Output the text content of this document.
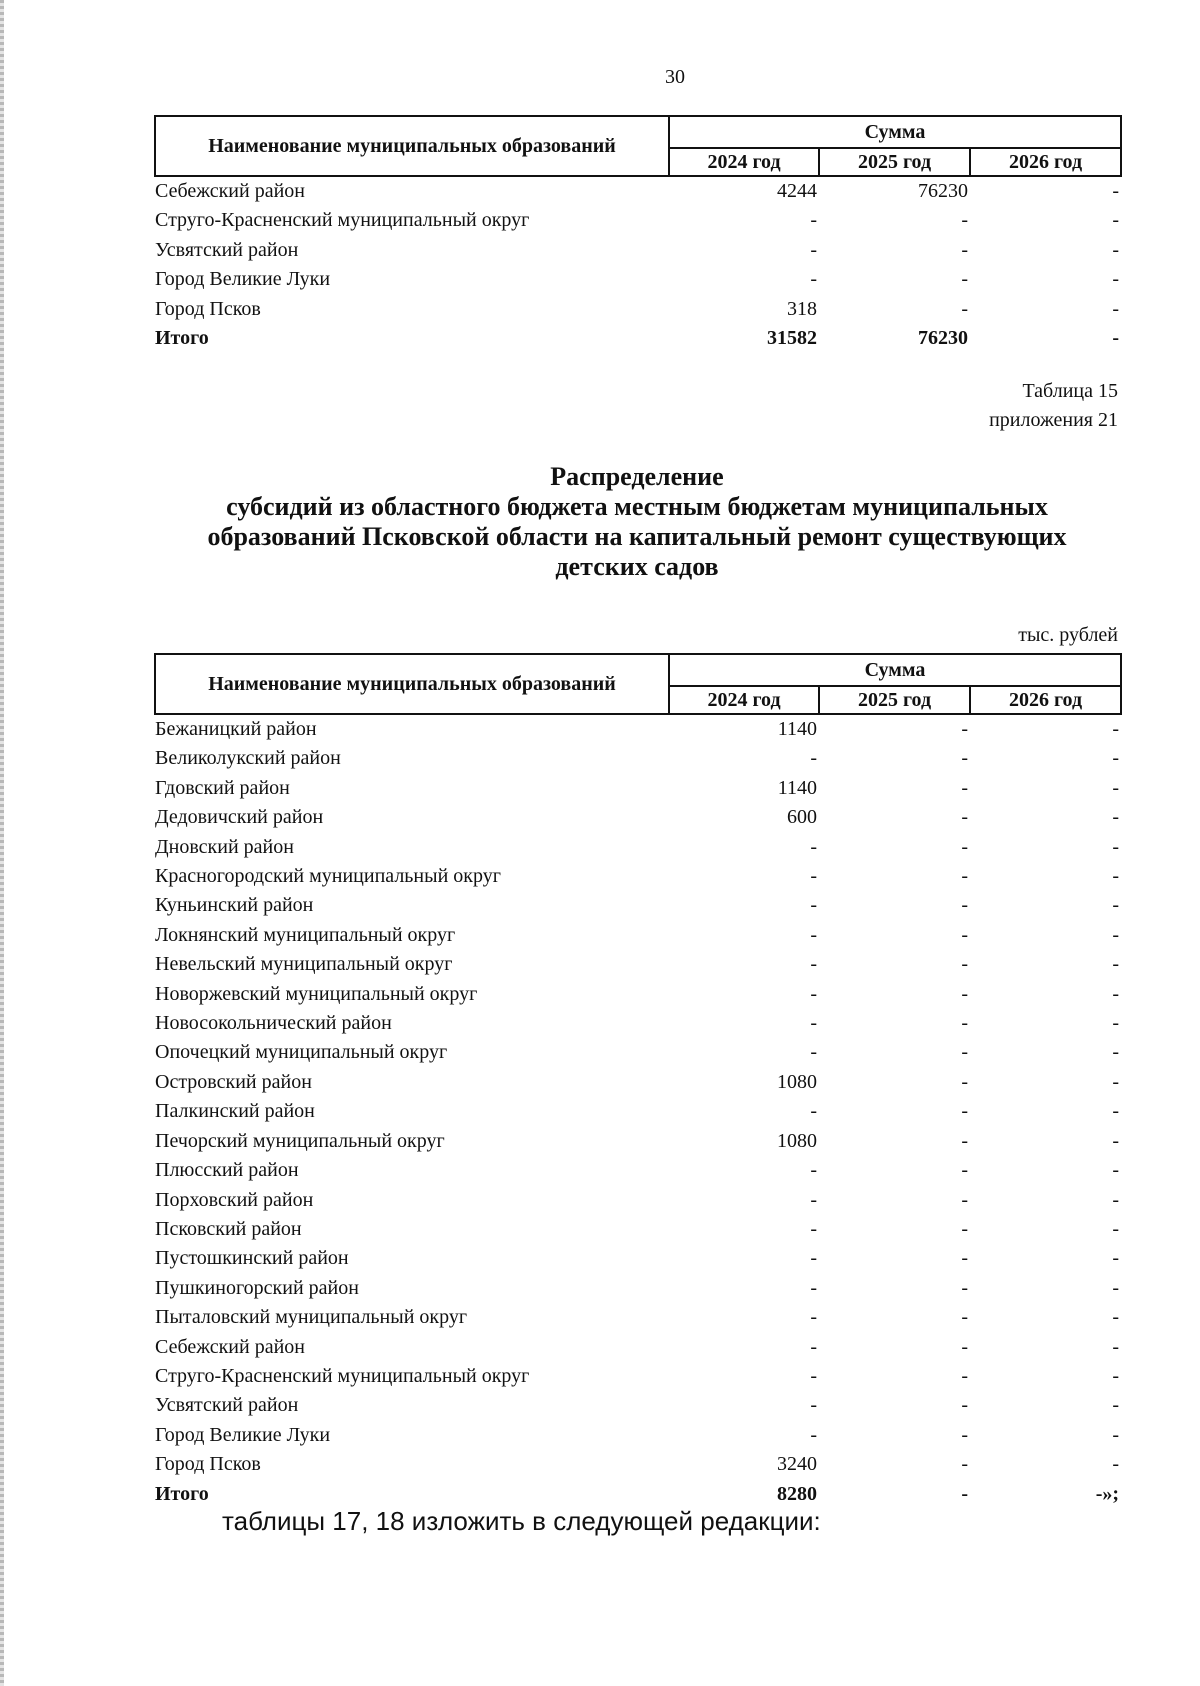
30
Наименование муниципальных образований	Сумма		
	2024 год	2025 год	2026 год
Себежский район	4244	76230	-
Струго-Красненский муниципальный округ	-	-	-
Усвятский район	-	-	-
Город Великие Луки	-	-	-
Город Псков	318	-	-
Итого	31582	76230	-
Таблица 15
приложения 21
Распределение
субсидий из областного бюджета местным бюджетам муниципальных
образований Псковской области на капитальный ремонт существующих
детских садов
тыс. рублей
Наименование муниципальных образований	Сумма		
	2024 год	2025 год	2026 год
Бежаницкий район	1140	-	-
Великолукский район	-	-	-
Гдовский район	1140	-	-
Дедовичский район	600	-	-
Дновский район	-	-	-
Красногородский муниципальный округ	-	-	-
Куньинский район	-	-	-
Локнянский муниципальный округ	-	-	-
Невельский муниципальный округ	-	-	-
Новоржевский муниципальный округ	-	-	-
Новосокольнический район	-	-	-
Опочецкий муниципальный округ	-	-	-
Островский район	1080	-	-
Палкинский район	-	-	-
Печорский муниципальный округ	1080	-	-
Плюсский район	-	-	-
Порховский район	-	-	-
Псковский район	-	-	-
Пустошкинский район	-	-	-
Пушкиногорский район	-	-	-
Пыталовский муниципальный округ	-	-	-
Себежский район	-	-	-
Струго-Красненский муниципальный округ	-	-	-
Усвятский район	-	-	-
Город Великие Луки	-	-	-
Город Псков	3240	-	-
Итого	8280	-	-»;
таблицы 17, 18 изложить в следующей редакции:
